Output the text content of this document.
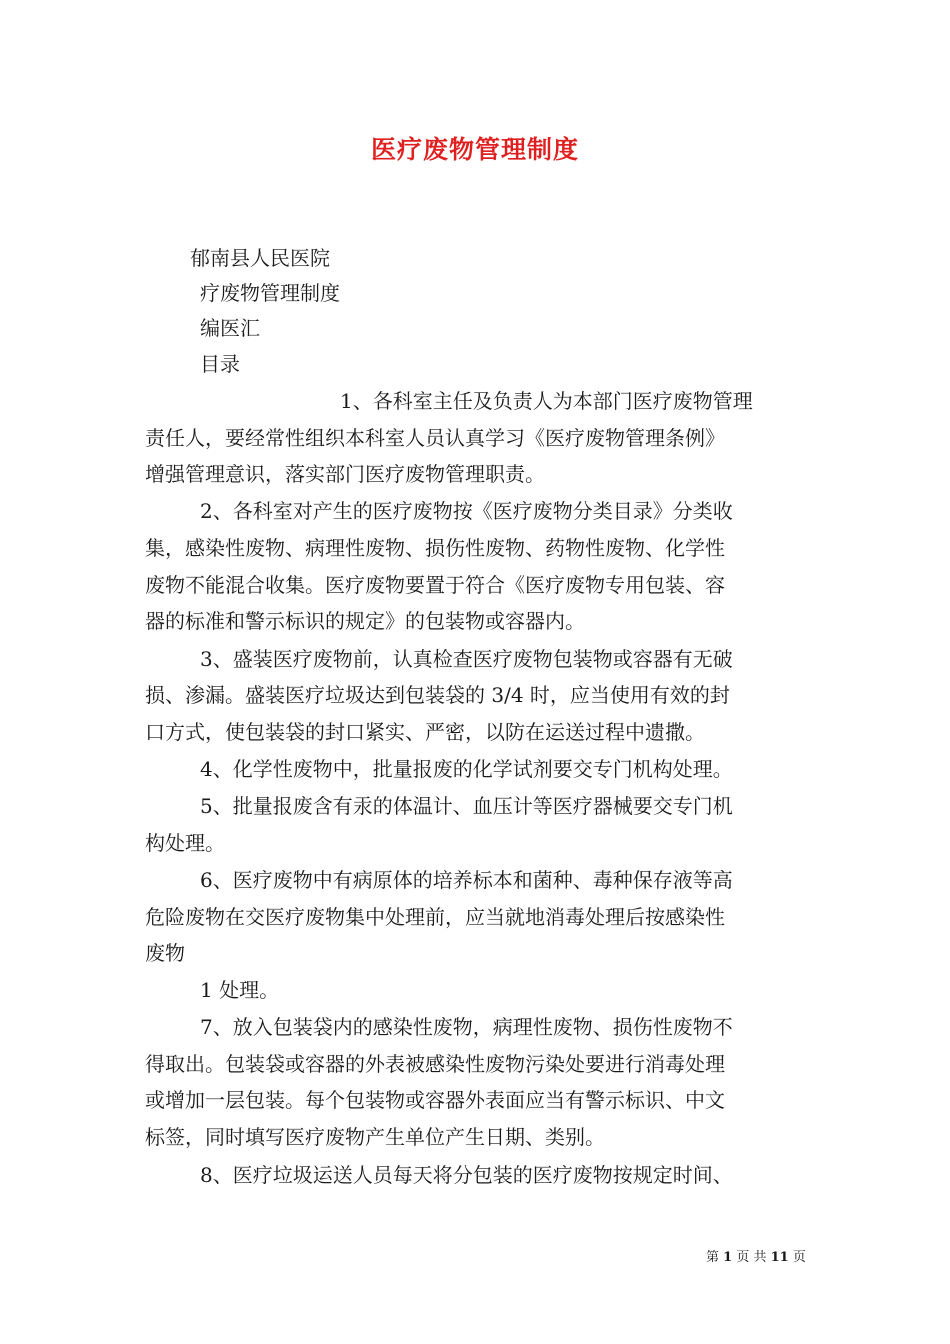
医疗废物管理制度
郁南县人民医院
疗废物管理制度
编医汇
目录
1、各科室主任及负责人为本部门医疗废物管理
责任人，要经常性组织本科室人员认真学习《医疗废物管理条例》
增强管理意识，落实部门医疗废物管理职责。
2、各科室对产生的医疗废物按《医疗废物分类目录》分类收
集，感染性废物、病理性废物、损伤性废物、药物性废物、化学性
废物不能混合收集。医疗废物要置于符合《医疗废物专用包装、容
器的标准和警示标识的规定》的包装物或容器内。
3、盛装医疗废物前，认真检查医疗废物包装物或容器有无破
损、渗漏。盛装医疗垃圾达到包装袋的 3/4 时，应当使用有效的封
口方式，使包装袋的封口紧实、严密，以防在运送过程中遗撒。
4、化学性废物中，批量报废的化学试剂要交专门机构处理。
5、批量报废含有汞的体温计、血压计等医疗器械要交专门机
构处理。
6、医疗废物中有病原体的培养标本和菌种、毒种保存液等高
危险废物在交医疗废物集中处理前，应当就地消毒处理后按感染性
废物
1 处理。
7、放入包装袋内的感染性废物，病理性废物、损伤性废物不
得取出。包装袋或容器的外表被感染性废物污染处要进行消毒处理
或增加一层包装。每个包装物或容器外表面应当有警示标识、中文
标签，同时填写医疗废物产生单位产生日期、类别。
8、医疗垃圾运送人员每天将分包装的医疗废物按规定时间、
第 1 页 共 11 页
